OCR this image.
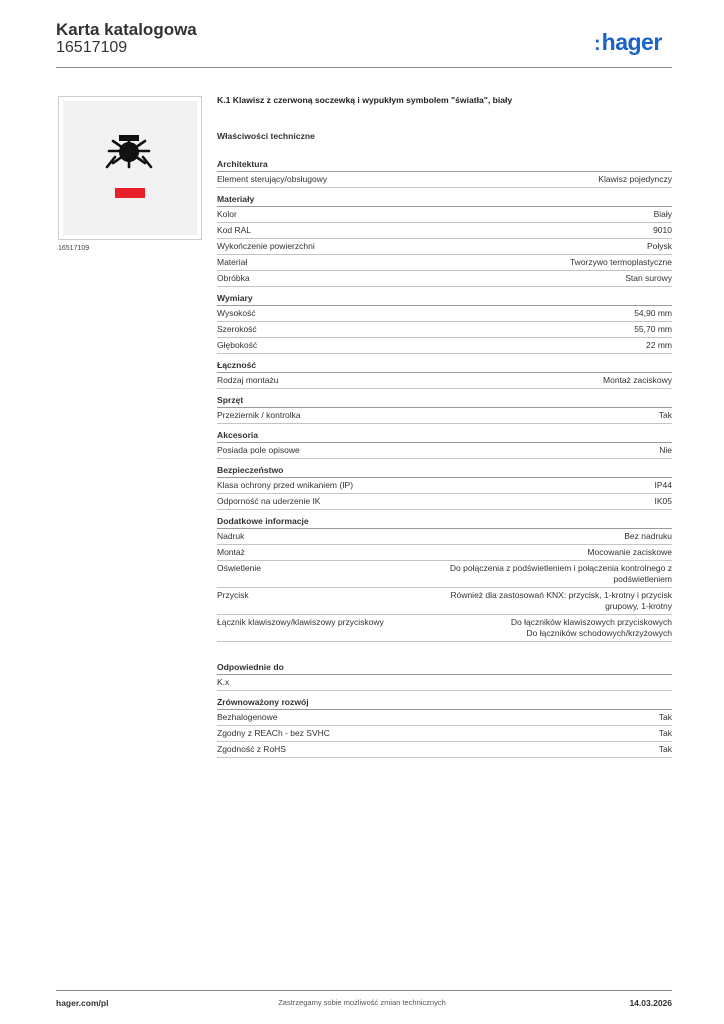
Karta katalogowa
16517109	:hager
16517109
K.1 Klawisz z czerwoną soczewką i wypukłym symbolem "światła", biały
Właściwości techniczne
Architektura
Element sterujący/obsługowy	Klawisz pojedynczy
Materiały
Kolor	Biały
Kod RAL	9010
Wykończenie powierzchni	Połysk
Materiał	Tworzywo termoplastyczne
Obróbka	Stan surowy
Wymiary
Wysokość	54,90 mm
Szerokość	55,70 mm
Głębokość	22 mm
Łączność
Rodzaj montażu	Montaż zaciskowy
Sprzęt
Przeziernik / kontrolka	Tak
Akcesoria
Posiada pole opisowe	Nie
Bezpieczeństwo
Klasa ochrony przed wnikaniem (IP)	IP44
Odporność na uderzenie IK	IK05
Dodatkowe informacje
Nadruk	Bez nadruku
Montaż	Mocowanie zaciskowe
Oświetlenie	Do połączenia z podświetleniem i połączenia kontrolnego z
podświetleniem
Przycisk	Również dla zastosowań KNX: przycisk, 1-krotny i przycisk
grupowy, 1-krotny
Łącznik klawiszowy/klawiszowy przyciskowy	Do łączników klawiszowych przyciskowych
Do łączników schodowych/krzyżowych
Odpowiednie do
K.x
Zrównoważony rozwój
Bezhalogenowe	Tak
Zgodny z REACh - bez SVHC	Tak
Zgodność z RoHS	Tak
hager.com/pl	Zastrzegamy sobie możliwość zmian technicznych	14.03.2026
